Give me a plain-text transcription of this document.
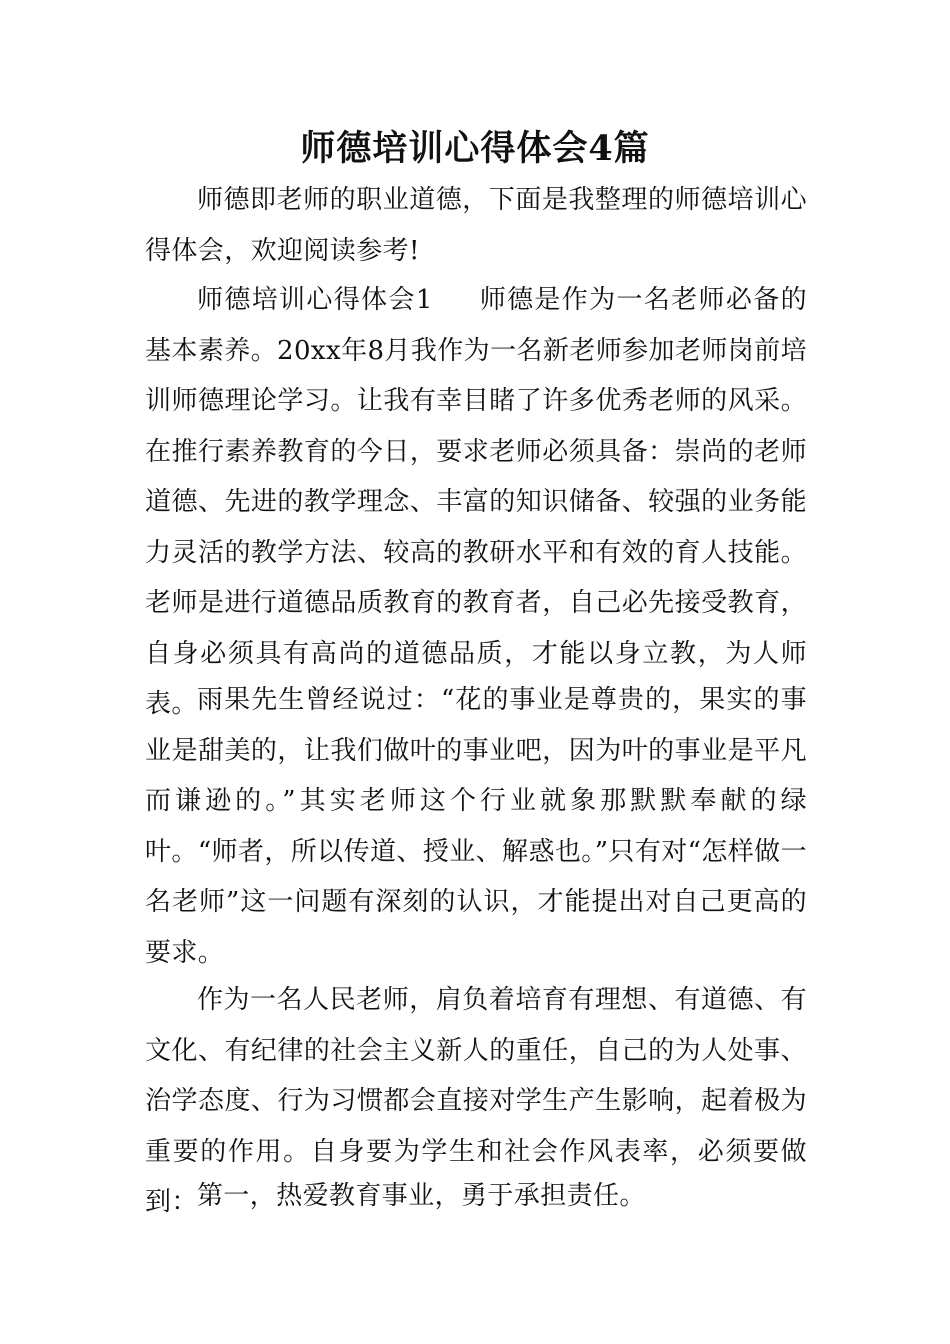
师德培训心得体会4篇

师德即老师的职业道德，下面是我整理的师德培训心得体会，欢迎阅读参考!

师德培训心得体会1 师德是作为一名老师必备的基本素养。20xx年8月我作为一名新老师参加老师岗前培训师德理论学习。让我有幸目睹了许多优秀老师的风采。在推行素养教育的今日，要求老师必须具备：崇尚的老师道德、先进的教学理念、丰富的知识储备、较强的业务能力灵活的教学方法、较高的教研水平和有效的育人技能。老师是进行道德品质教育的教育者，自己必先接受教育，自身必须具有高尚的道德品质，才能以身立教，为人师表。 雨果先生曾经说过：“花的事业是尊贵的，果实的事业是甜美的，让我们做叶的事业吧，因为叶的事业是平凡而谦逊的。”其实老师这个行业就象那默默奉献的绿叶。“师者，所以传道、授业、解惑也。”只有对“怎样做一名老师”这一问题有深刻的认识，才能提出对自己更高的要求。

作为一名人民老师，肩负着培育有理想、有道德、有文化、有纪律的社会主义新人的重任，自己的为人处事、治学态度、行为习惯都会直接对学生产生影响，起着极为重要的作用。自身要为学生和社会作风表率，必须要做到： 第一，热爱教育事业，勇于承担责任。
